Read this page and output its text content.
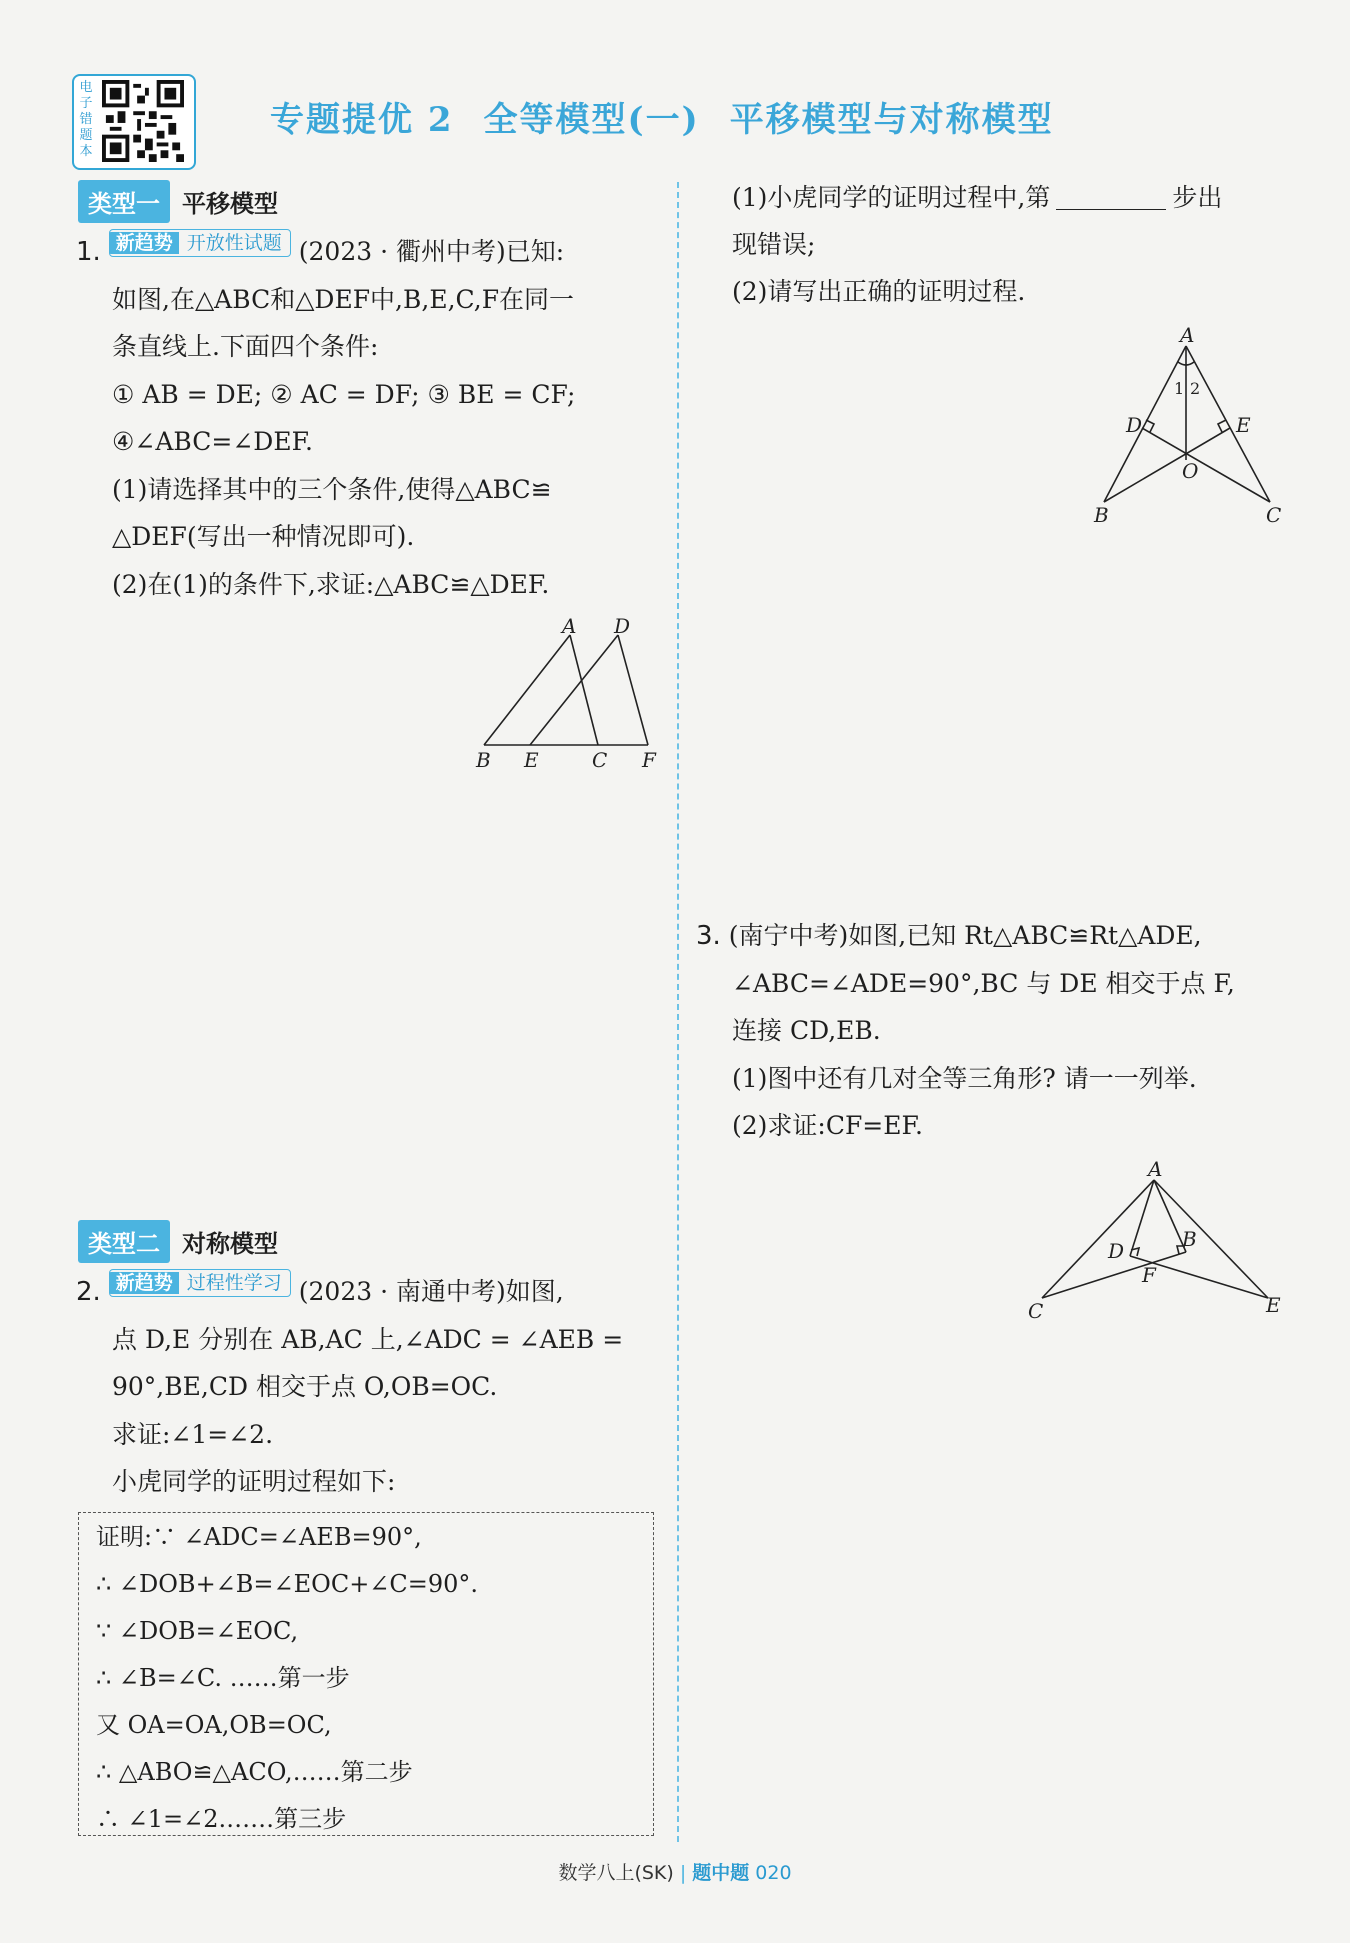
电子错题本
专题提优 2 全等模型(一) 平移模型与对称模型
类型一 平移模型
1. 新趋势 开放性试题 (2023 · 衢州中考)已知:
如图,在△ABC和△DEF中,B,E,C,F在同一
条直线上.下面四个条件:
① AB = DE; ② AC = DF; ③ BE = CF;
④∠ABC=∠DEF.
(1)请选择其中的三个条件,使得△ABC≌
△DEF(写出一种情况即可).
(2)在(1)的条件下,求证:△ABC≌△DEF.
A D
B E	C F
类型二 对称模型
2. 新趋势 过程性学习 (2023 · 南通中考)如图,
点 D,E 分别在 AB,AC 上,∠ADC = ∠AEB =
90°,BE,CD 相交于点 O,OB=OC.
求证:∠1=∠2.
小虎同学的证明过程如下:
证明:∵ ∠ADC=∠AEB=90°,
∴ ∠DOB+∠B=∠EOC+∠C=90°.
∵ ∠DOB=∠EOC,
∴ ∠B=∠C. ……第一步
又 OA=OA,OB=OC,
∴ △ABO≌△ACO,……第二步
∴ ∠1=∠2.……第三步
(1)小虎同学的证明过程中,第	步出
现错误;
(2)请写出正确的证明过程.
A
D	E
O
B	C
1 2
3. (南宁中考)如图,已知 Rt△ABC≌Rt△ADE,
∠ABC=∠ADE=90°,BC 与 DE 相交于点 F,
连接 CD,EB.
(1)图中还有几对全等三角形? 请一一列举.
(2)求证:CF=EF.
A
D	B
F
C	E
数学八上(SK) | 题中题 020
